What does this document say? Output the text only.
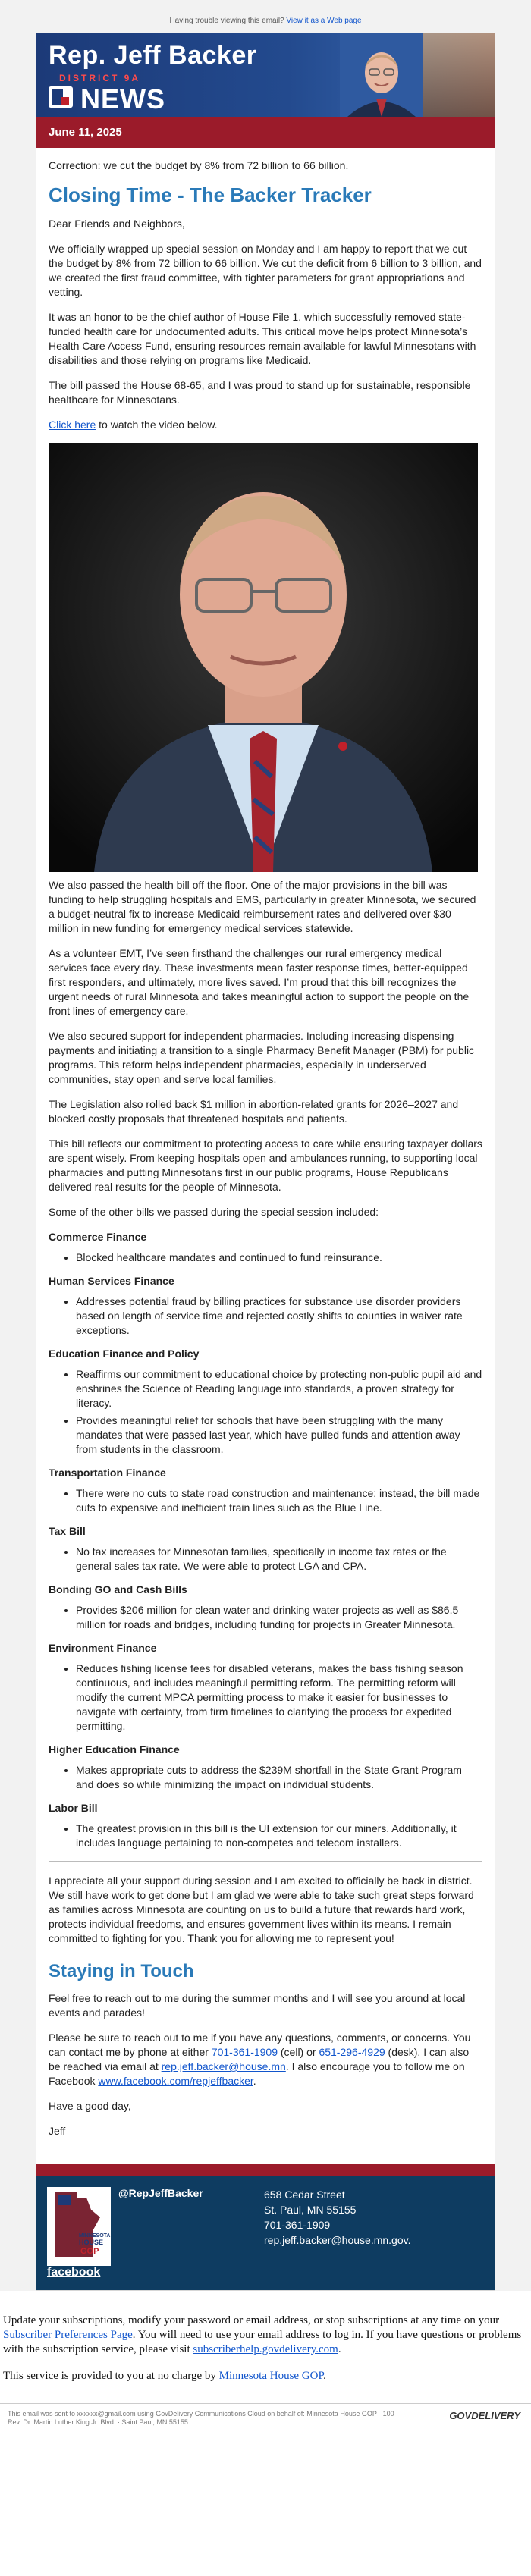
Having trouble viewing this email? View it as a Web page
Rep. Jeff Backer
DISTRICT 9A
NEWS
June 11, 2025

Correction: we cut the budget by 8% from 72 billion to 66 billion.

Closing Time - The Backer Tracker

Dear Friends and Neighbors,

We officially wrapped up special session on Monday and I am happy to report that we cut the budget by 8% from 72 billion to 66 billion. We cut the deficit from 6 billion to 3 billion, and we created the first fraud committee, with tighter parameters for grant appropriations and vetting.

It was an honor to be the chief author of House File 1, which successfully removed state-funded health care for undocumented adults. This critical move helps protect Minnesota’s Health Care Access Fund, ensuring resources remain available for lawful Minnesotans with disabilities and those relying on programs like Medicaid.

The bill passed the House 68-65, and I was proud to stand up for sustainable, responsible healthcare for Minnesotans.

Click here to watch the video below.

We also passed the health bill off the floor. One of the major provisions in the bill was funding to help struggling hospitals and EMS, particularly in greater Minnesota, we secured a budget-neutral fix to increase Medicaid reimbursement rates and delivered over $30 million in new funding for emergency medical services statewide.

As a volunteer EMT, I’ve seen firsthand the challenges our rural emergency medical services face every day. These investments mean faster response times, better-equipped first responders, and ultimately, more lives saved. I’m proud that this bill recognizes the urgent needs of rural Minnesota and takes meaningful action to support the people on the front lines of emergency care.

We also secured support for independent pharmacies. Including increasing dispensing payments and initiating a transition to a single Pharmacy Benefit Manager (PBM) for public programs. This reform helps independent pharmacies, especially in underserved communities, stay open and serve local families.

The Legislation also rolled back $1 million in abortion-related grants for 2026–2027 and blocked costly proposals that threatened hospitals and patients.

This bill reflects our commitment to protecting access to care while ensuring taxpayer dollars are spent wisely. From keeping hospitals open and ambulances running, to supporting local pharmacies and putting Minnesotans first in our public programs, House Republicans delivered real results for the people of Minnesota.

Some of the other bills we passed during the special session included:

Commerce Finance
• Blocked healthcare mandates and continued to fund reinsurance.
Human Services Finance
• Addresses potential fraud by billing practices for substance use disorder providers based on length of service time and rejected costly shifts to counties in waiver rate exceptions.
Education Finance and Policy
• Reaffirms our commitment to educational choice by protecting non-public pupil aid and enshrines the Science of Reading language into standards, a proven strategy for literacy.
• Provides meaningful relief for schools that have been struggling with the many mandates that were passed last year, which have pulled funds and attention away from students in the classroom.
Transportation Finance
• There were no cuts to state road construction and maintenance; instead, the bill made cuts to expensive and inefficient train lines such as the Blue Line.
Tax Bill
• No tax increases for Minnesotan families, specifically in income tax rates or the general sales tax rate. We were able to protect LGA and CPA.
Bonding GO and Cash Bills
• Provides $206 million for clean water and drinking water projects as well as $86.5 million for roads and bridges, including funding for projects in Greater Minnesota.
Environment Finance
• Reduces fishing license fees for disabled veterans, makes the bass fishing season continuous, and includes meaningful permitting reform. The permitting reform will modify the current MPCA permitting process to make it easier for businesses to navigate with certainty, from firm timelines to clarifying the process for expedited permitting.
Higher Education Finance
• Makes appropriate cuts to address the $239M shortfall in the State Grant Program and does so while minimizing the impact on individual students.
Labor Bill
• The greatest provision in this bill is the UI extension for our miners. Additionally, it includes language pertaining to non-competes and telecom installers.

I appreciate all your support during session and I am excited to officially be back in district. We still have work to get done but I am glad we were able to take such great steps forward as families across Minnesota are counting on us to build a future that rewards hard work, protects individual freedoms, and ensures government lives within its means. I remain committed to fighting for you. Thank you for allowing me to represent you!

Staying in Touch

Feel free to reach out to me during the summer months and I will see you around at local events and parades!

Please be sure to reach out to me if you have any questions, comments, or concerns. You can contact me by phone at either 701-361-1909 (cell) or 651-296-4929 (desk). I can also be reached via email at rep.jeff.backer@house.mn. I also encourage you to follow me on Facebook www.facebook.com/repjeffbacker.

Have a good day,

Jeff

MINNESOTA
HOUSE
GOP
@RepJeffBacker	658 Cedar Street
St. Paul, MN 55155
701-361-1909
rep.jeff.backer@house.mn.gov.
facebook

Update your subscriptions, modify your password or email address, or stop subscriptions at any time on your Subscriber Preferences Page. You will need to use your email address to log in. If you have questions or problems with the subscription service, please visit subscriberhelp.govdelivery.com.

This service is provided to you at no charge by Minnesota House GOP.

This email was sent to xxxxxx@gmail.com using GovDelivery Communications Cloud on behalf of: Minnesota House GOP · 100
Rev. Dr. Martin Luther King Jr. Blvd. · Saint Paul, MN 55155
GOVDELIVERY
